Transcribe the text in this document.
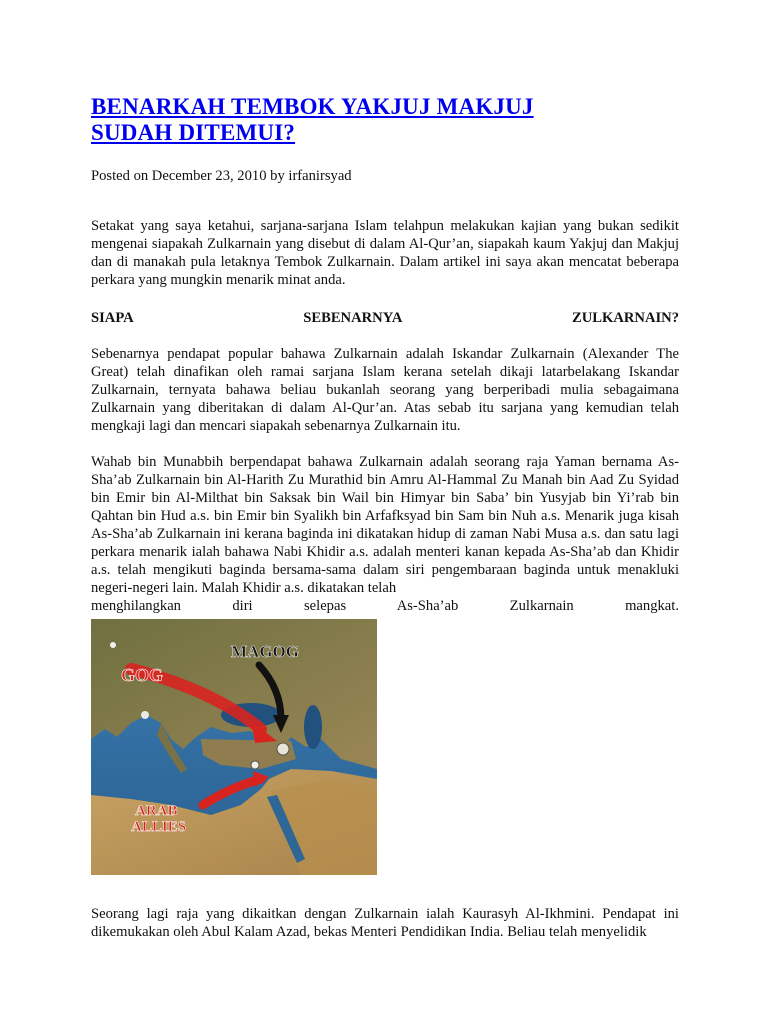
BENARKAH TEMBOK YAKJUJ MAKJUJ SUDAH DITEMUI?
Posted on December 23, 2010 by irfanirsyad

Setakat yang saya ketahui, sarjana-sarjana Islam telahpun melakukan kajian yang bukan sedikit mengenai siapakah Zulkarnain yang disebut di dalam Al-Qur’an, siapakah kaum Yakjuj dan Makjuj dan di manakah pula letaknya Tembok Zulkarnain. Dalam artikel ini saya akan mencatat beberapa perkara yang mungkin menarik minat anda.

SIAPA	SEBENARNYA	ZULKARNAIN?

Sebenarnya pendapat popular bahawa Zulkarnain adalah Iskandar Zulkarnain (Alexander The Great) telah dinafikan oleh ramai sarjana Islam kerana setelah dikaji latarbelakang Iskandar Zulkarnain, ternyata bahawa beliau bukanlah seorang yang berperibadi mulia sebagaimana Zulkarnain yang diberitakan di dalam Al-Qur’an. Atas sebab itu sarjana yang kemudian telah mengkaji lagi dan mencari siapakah sebenarnya Zulkarnain itu.

Wahab bin Munabbih berpendapat bahawa Zulkarnain adalah seorang raja Yaman bernama As-Sha’ab Zulkarnain bin Al-Harith Zu Murathid bin Amru Al-Hammal Zu Manah bin Aad Zu Syidad bin Emir bin Al-Milthat bin Saksak bin Wail bin Himyar bin Saba’ bin Yusyjab bin Yi’rab bin Qahtan bin Hud a.s. bin Emir bin Syalikh bin Arfafksyad bin Sam bin Nuh a.s. Menarik juga kisah As-Sha’ab Zulkarnain ini kerana baginda ini dikatakan hidup di zaman Nabi Musa a.s. dan satu lagi perkara menarik ialah bahawa Nabi Khidir a.s. adalah menteri kanan kepada As-Sha’ab dan Khidir a.s. telah mengikuti baginda bersama-sama dalam siri pengembaraan baginda untuk menakluki negeri-negeri lain. Malah Khidir a.s. dikatakan telah

menghilangkan diri selepas As-Sha’ab Zulkarnain mangkat.

GOG
MAGOG
ARAB
ALLIES

Seorang lagi raja yang dikaitkan dengan Zulkarnain ialah Kaurasyh Al-Ikhmini. Pendapat ini dikemukakan oleh Abul Kalam Azad, bekas Menteri Pendidikan India. Beliau telah menyelidik
